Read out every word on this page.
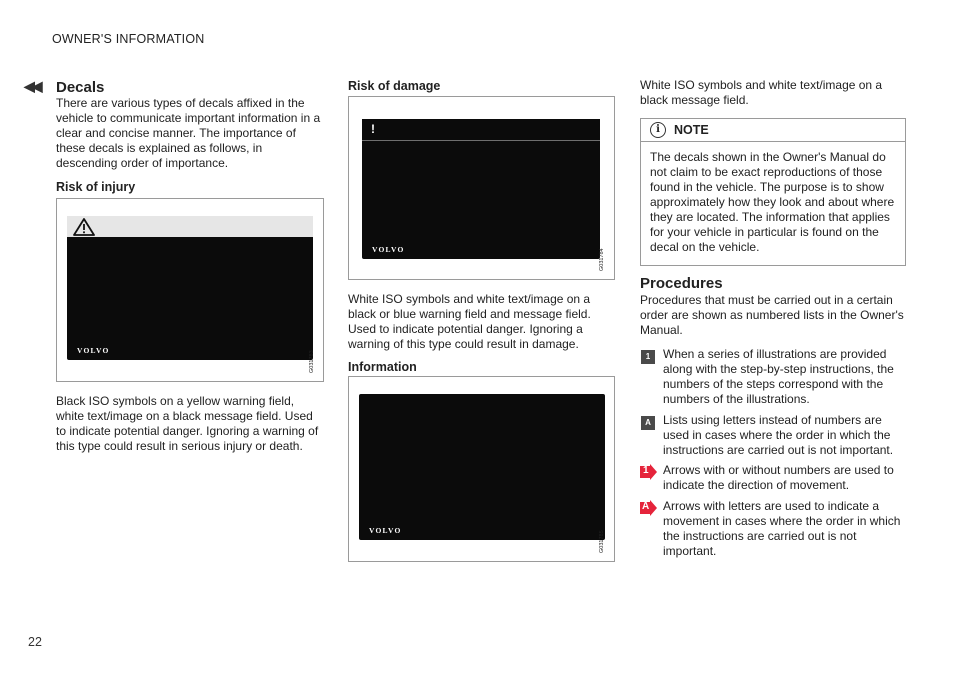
OWNER'S INFORMATION
◀◀ Decals

There are various types of decals affixed in the vehicle to communicate important information in a clear and concise manner. The importance of these decals is explained as follows, in descending order of importance.

Risk of injury
VOLVO	G031783

Black ISO symbols on a yellow warning field, white text/image on a black message field. Used to indicate potential danger. Ignoring a warning of this type could result in serious injury or death.

Risk of damage
!
VOLVO	G031784

White ISO symbols and white text/image on a black or blue warning field and message field. Used to indicate potential danger. Ignoring a warning of this type could result in damage.

Information
VOLVO	G031785

White ISO symbols and white text/image on a black message field.

i	NOTE
The decals shown in the Owner's Manual do not claim to be exact reproductions of those found in the vehicle. The purpose is to show approximately how they look and about where they are located. The information that applies for your vehicle in particular is found on the decal on the vehicle.
Procedures

Procedures that must be carried out in a certain order are shown as numbered lists in the Owner's Manual.

1	When a series of illustrations are provided along with the step-by-step instructions, the numbers of the steps correspond with the numbers of the illustrations.
A	Lists using letters instead of numbers are used in cases where the order in which the instructions are carried out is not important.
1 Arrows with or without numbers are used to indicate the direction of movement.
A Arrows with letters are used to indicate a movement in cases where the order in which the instructions are carried out is not important.
22
